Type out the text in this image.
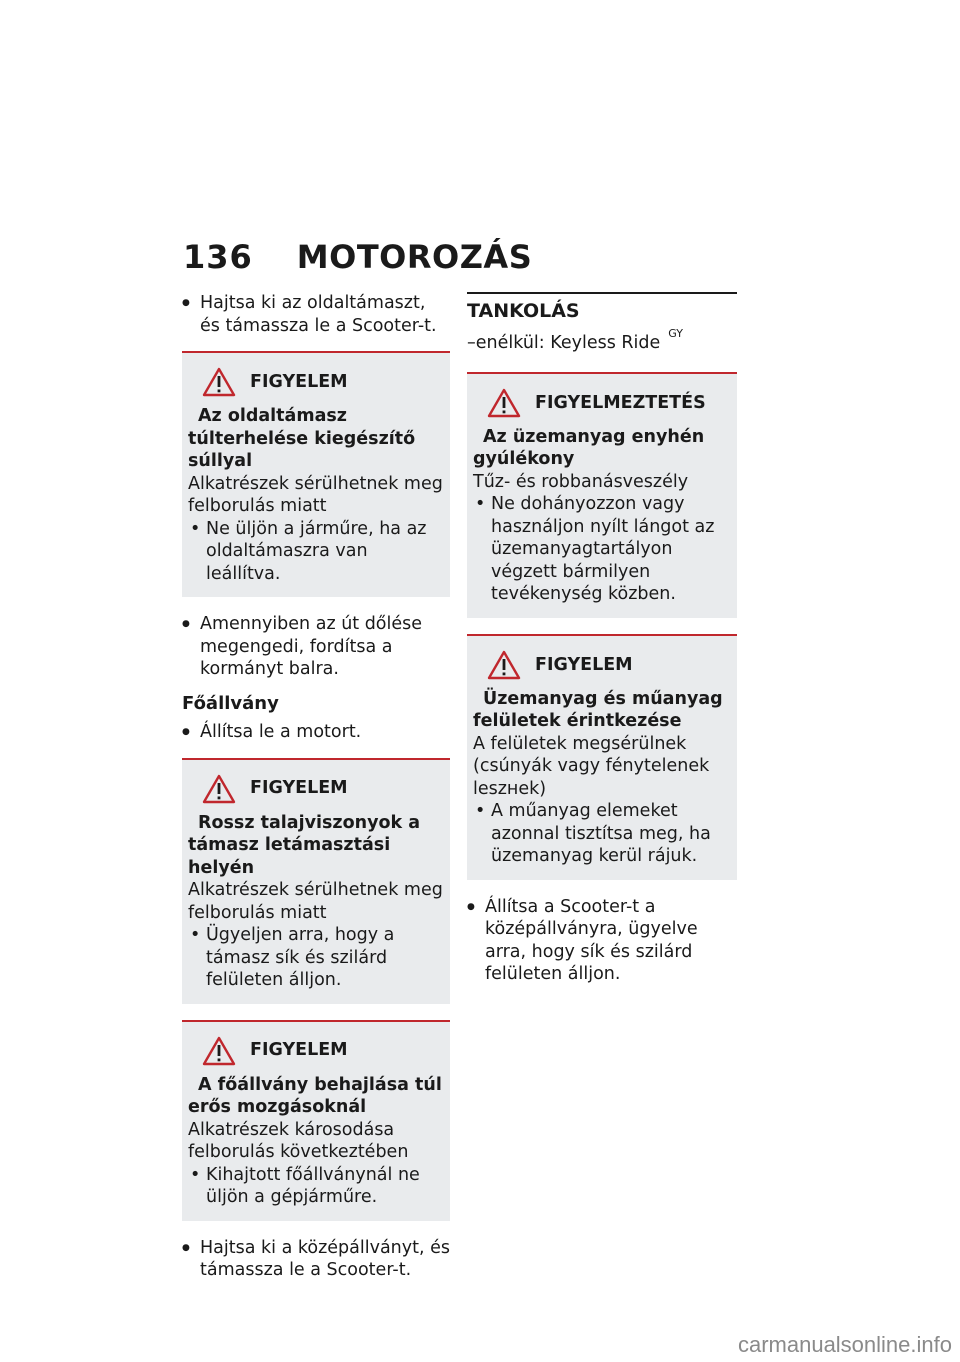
136 MOTOROZÁS
● Hajtsa ki az oldaltámaszt, és támassza le a Scooter-t.
FIGYELEM
Az oldaltámasz túlterhelése kiegészítő súllyal
Alkatrészek sérülhetnek meg felborulás miatt
• Ne üljön a járműre, ha az oldaltámaszra van leállítva.
● Amennyiben az út dőlése megengedi, fordítsa a kormányt balra.
Főállvány
● Állítsa le a motort.
FIGYELEM
Rossz talajviszonyok a támasz letámasztási helyén
Alkatrészek sérülhetnek meg felborulás miatt
• Ügyeljen arra, hogy a támasz sík és szilárd felületen álljon.
FIGYELEM
A főállvány behajlása túl erős mozgásoknál
Alkatrészek károsodása felborulás következtében
• Kihajtott főállványnál ne üljön a gépjárműre.
● Hajtsa ki a középállványt, és támassza le a Scooter-t.
TANKOLÁS
–enélkül: Keyless Ride $^{GY}$
FIGYELMEZTETÉS
Az üzemanyag enyhén gyúlékony
Tűz- és robbanásveszély
• Ne dohányozzon vagy használjon nyílt lángot az üzemanyagtartályon végzett bármilyen tevékenység közben.
FIGYELEM
Üzemanyag és műanyag felületek érintkezése
A felületek megsérülnek (csúnyák vagy fénytelenek leszнek)
• A műanyag elemeket azonnal tisztítsa meg, ha üzemanyag kerül rájuk.
● Állítsa a Scooter-t a középállványra, ügyelve arra, hogy sík és szilárd felületen álljon.
carmanualsonline.info
